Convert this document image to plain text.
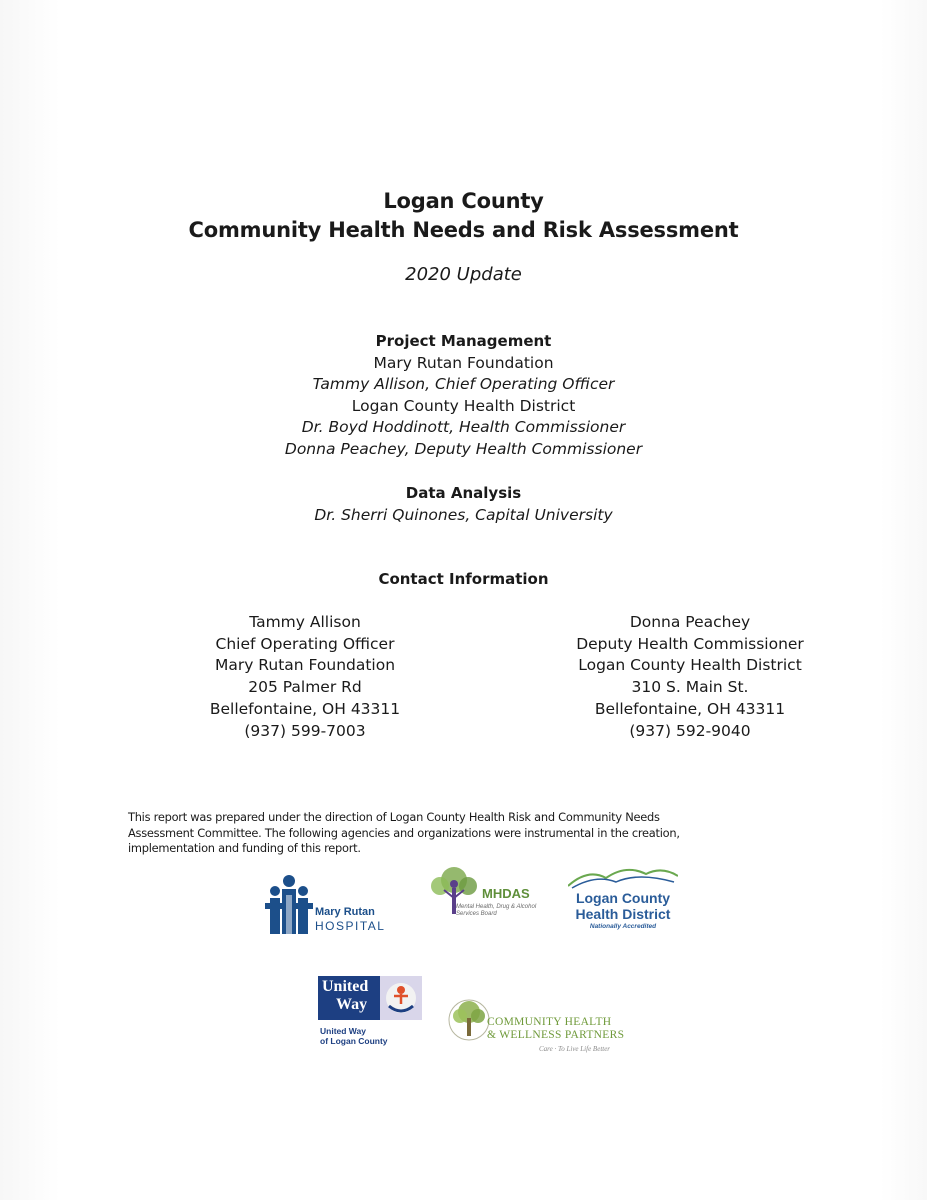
Logan County
Community Health Needs and Risk Assessment
2020 Update
Project Management
Mary Rutan Foundation
Tammy Allison, Chief Operating Officer
Logan County Health District
Dr. Boyd Hoddinott, Health Commissioner
Donna Peachey, Deputy Health Commissioner
Data Analysis
Dr. Sherri Quinones, Capital University
Contact Information
Tammy Allison
Chief Operating Officer
Mary Rutan Foundation
205 Palmer Rd
Bellefontaine, OH 43311
(937) 599-7003
Donna Peachey
Deputy Health Commissioner
Logan County Health District
310 S. Main St.
Bellefontaine, OH 43311
(937) 592-9040
This report was prepared under the direction of Logan County Health Risk and Community Needs
Assessment Committee. The following agencies and organizations were instrumental in the creation,
implementation and funding of this report.
Mary Rutan
HOSPITAL
MHDAS
Mental Health, Drug & Alcohol Services Board
Logan County
Health District
Nationally Accredited
United
Way
United Way
of Logan County
COMMUNITY HEALTH
& WELLNESS PARTNERS
Care · To Live Life Better
